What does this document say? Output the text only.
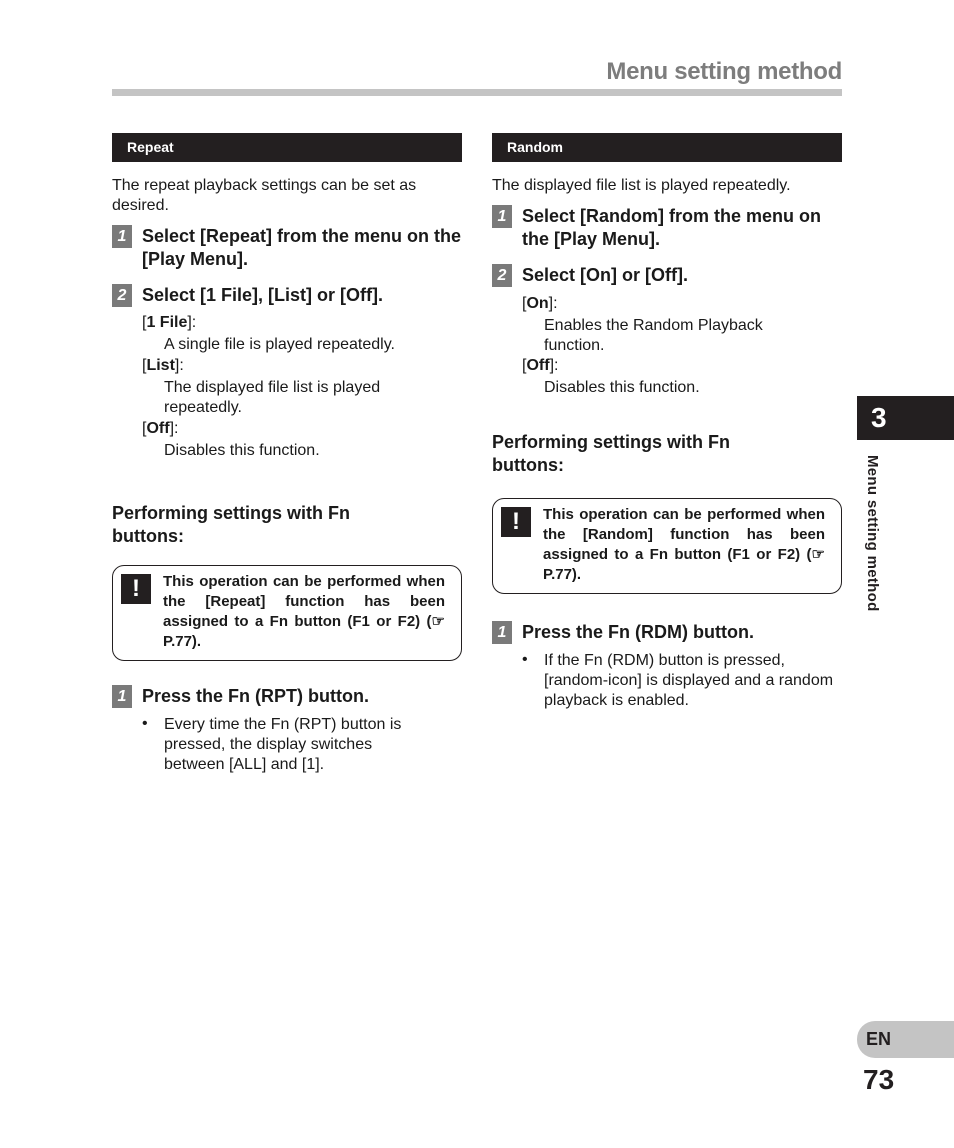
Menu setting method
Repeat
The repeat playback settings can be set as desired.
1 Select [Repeat] from the menu on the [Play Menu].
2 Select [1 File], [List] or [Off].
[1 File]:
A single file is played repeatedly.
[List]:
The displayed file list is played repeatedly.
[Off]:
Disables this function.
Performing settings with Fn buttons:
!	This operation can be performed when the [Repeat] function has been assigned to a Fn button (F1 or F2) (☞ P.77).
1 Press the Fn (RPT) button.
• Every time the Fn (RPT) button is pressed, the display switches between [ALL] and [1].
Random
The displayed file list is played repeatedly.
1 Select [Random] from the menu on the [Play Menu].
2 Select [On] or [Off].
[On]:
Enables the Random Playback function.
[Off]:
Disables this function.
Performing settings with Fn buttons:
!	This operation can be performed when the [Random] function has been assigned to a Fn button (F1 or F2) (☞ P.77).
1 Press the Fn (RDM) button.
• If the Fn (RDM) button is pressed, [random-icon] is displayed and a random playback is enabled.
3
Menu setting method
EN
73
